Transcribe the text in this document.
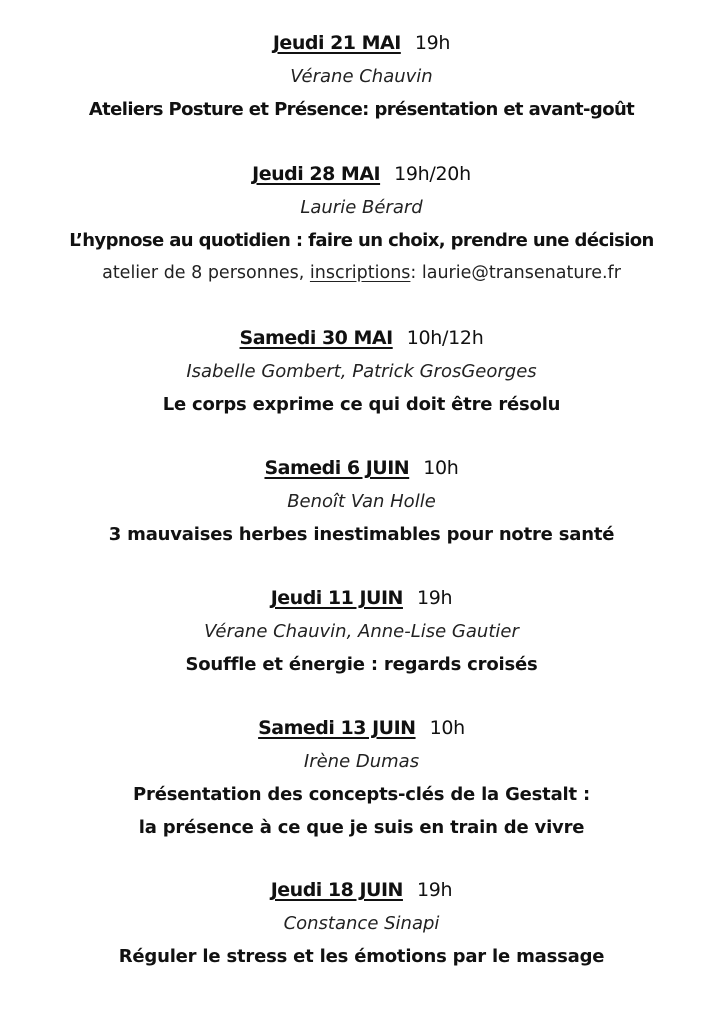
Jeudi 21 MAI 19h
Vérane Chauvin
Ateliers Posture et Présence: présentation et avant-goût
Jeudi 28 MAI 19h/20h
Laurie Bérard
L’hypnose au quotidien : faire un choix, prendre une décision
atelier de 8 personnes, inscriptions: laurie@transenature.fr
Samedi 30 MAI 10h/12h
Isabelle Gombert, Patrick GrosGeorges
Le corps exprime ce qui doit être résolu
Samedi 6 JUIN 10h
Benoît Van Holle
3 mauvaises herbes inestimables pour notre santé
Jeudi 11 JUIN 19h
Vérane Chauvin, Anne-Lise Gautier
Souffle et énergie : regards croisés
Samedi 13 JUIN 10h
Irène Dumas
Présentation des concepts-clés de la Gestalt :
la présence à ce que je suis en train de vivre
Jeudi 18 JUIN 19h
Constance Sinapi
Réguler le stress et les émotions par le massage
